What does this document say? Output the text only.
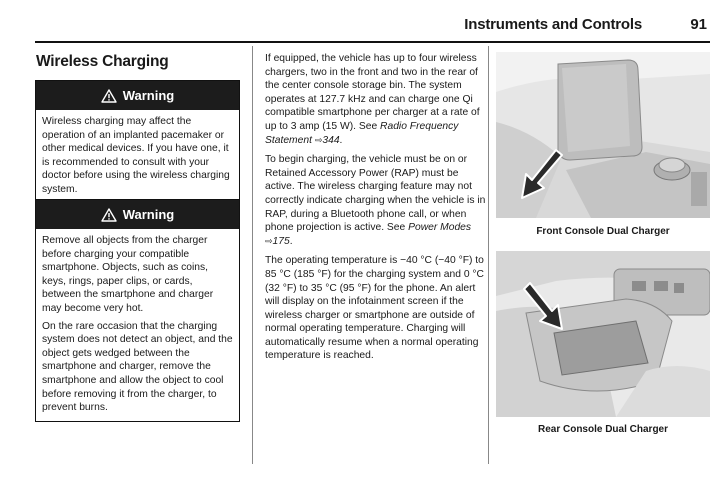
Instruments and Controls	91
Wireless Charging
Warning

Wireless charging may affect the operation of an implanted pacemaker or other medical devices. If you have one, it is recommended to consult with your doctor before using the wireless charging system.

Warning

Remove all objects from the charger before charging your compatible smartphone. Objects, such as coins, keys, rings, paper clips, or cards, between the smartphone and charger may become very hot.

On the rare occasion that the charging system does not detect an object, and the object gets wedged between the smartphone and charger, remove the smartphone and allow the object to cool before removing it from the charger, to prevent burns.

If equipped, the vehicle has up to four wireless chargers, two in the front and two in the rear of the center console storage bin. The system operates at 127.7 kHz and can charge one Qi compatible smartphone per charger at a rate of up to 3 amp (15 W). See Radio Frequency Statement ⇨344.

To begin charging, the vehicle must be on or Retained Accessory Power (RAP) must be active. The wireless charging feature may not correctly indicate charging when the vehicle is in RAP, during a Bluetooth phone call, or when phone projection is active. See Power Modes ⇨175.

The operating temperature is −40 °C (−40 °F) to 85 °C (185 °F) for the charging system and 0 °C (32 °F) to 35 °C (95 °F) for the phone. An alert will display on the infotainment screen if the wireless charger or smartphone are outside of normal operating temperature. Charging will automatically resume when a normal operating temperature is reached.

Front Console Dual Charger
Rear Console Dual Charger
